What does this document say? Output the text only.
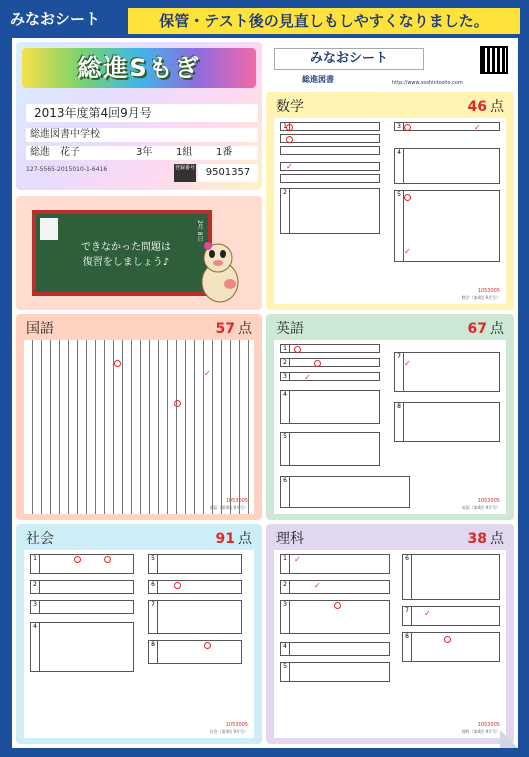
みなおシート	保管・テスト後の見直しもしやすくなりました。
総進Sもぎ
2013年度第4回9月号
総進図書中学校
総進　花子	3年	1組	1番
127-5565-2015010-1-6416	登録番号	9501357
2月 8日
できなかった問題は
復習をしましょう♪
みなおシート
総進図書	http://www.soshintosho.com
数学	46 点
1
2
3
4
5
✓
✓
✓
1053005
数学（第4回 9月号）
国語	57 点
✓
1053005
国語（第4回 9月号）
英語	67 点
1
2
3
4
5
6
7
8
✓
✓
1053005
英語（第4回 9月号）
社会	91 点
1
2
3
4
5
6
7
8
1053005
社会（第4回 9月号）
理科	38 点
1
2
3
4
5
6
7
8
✓
✓
✓
1053005
理科（第4回 9月号）
